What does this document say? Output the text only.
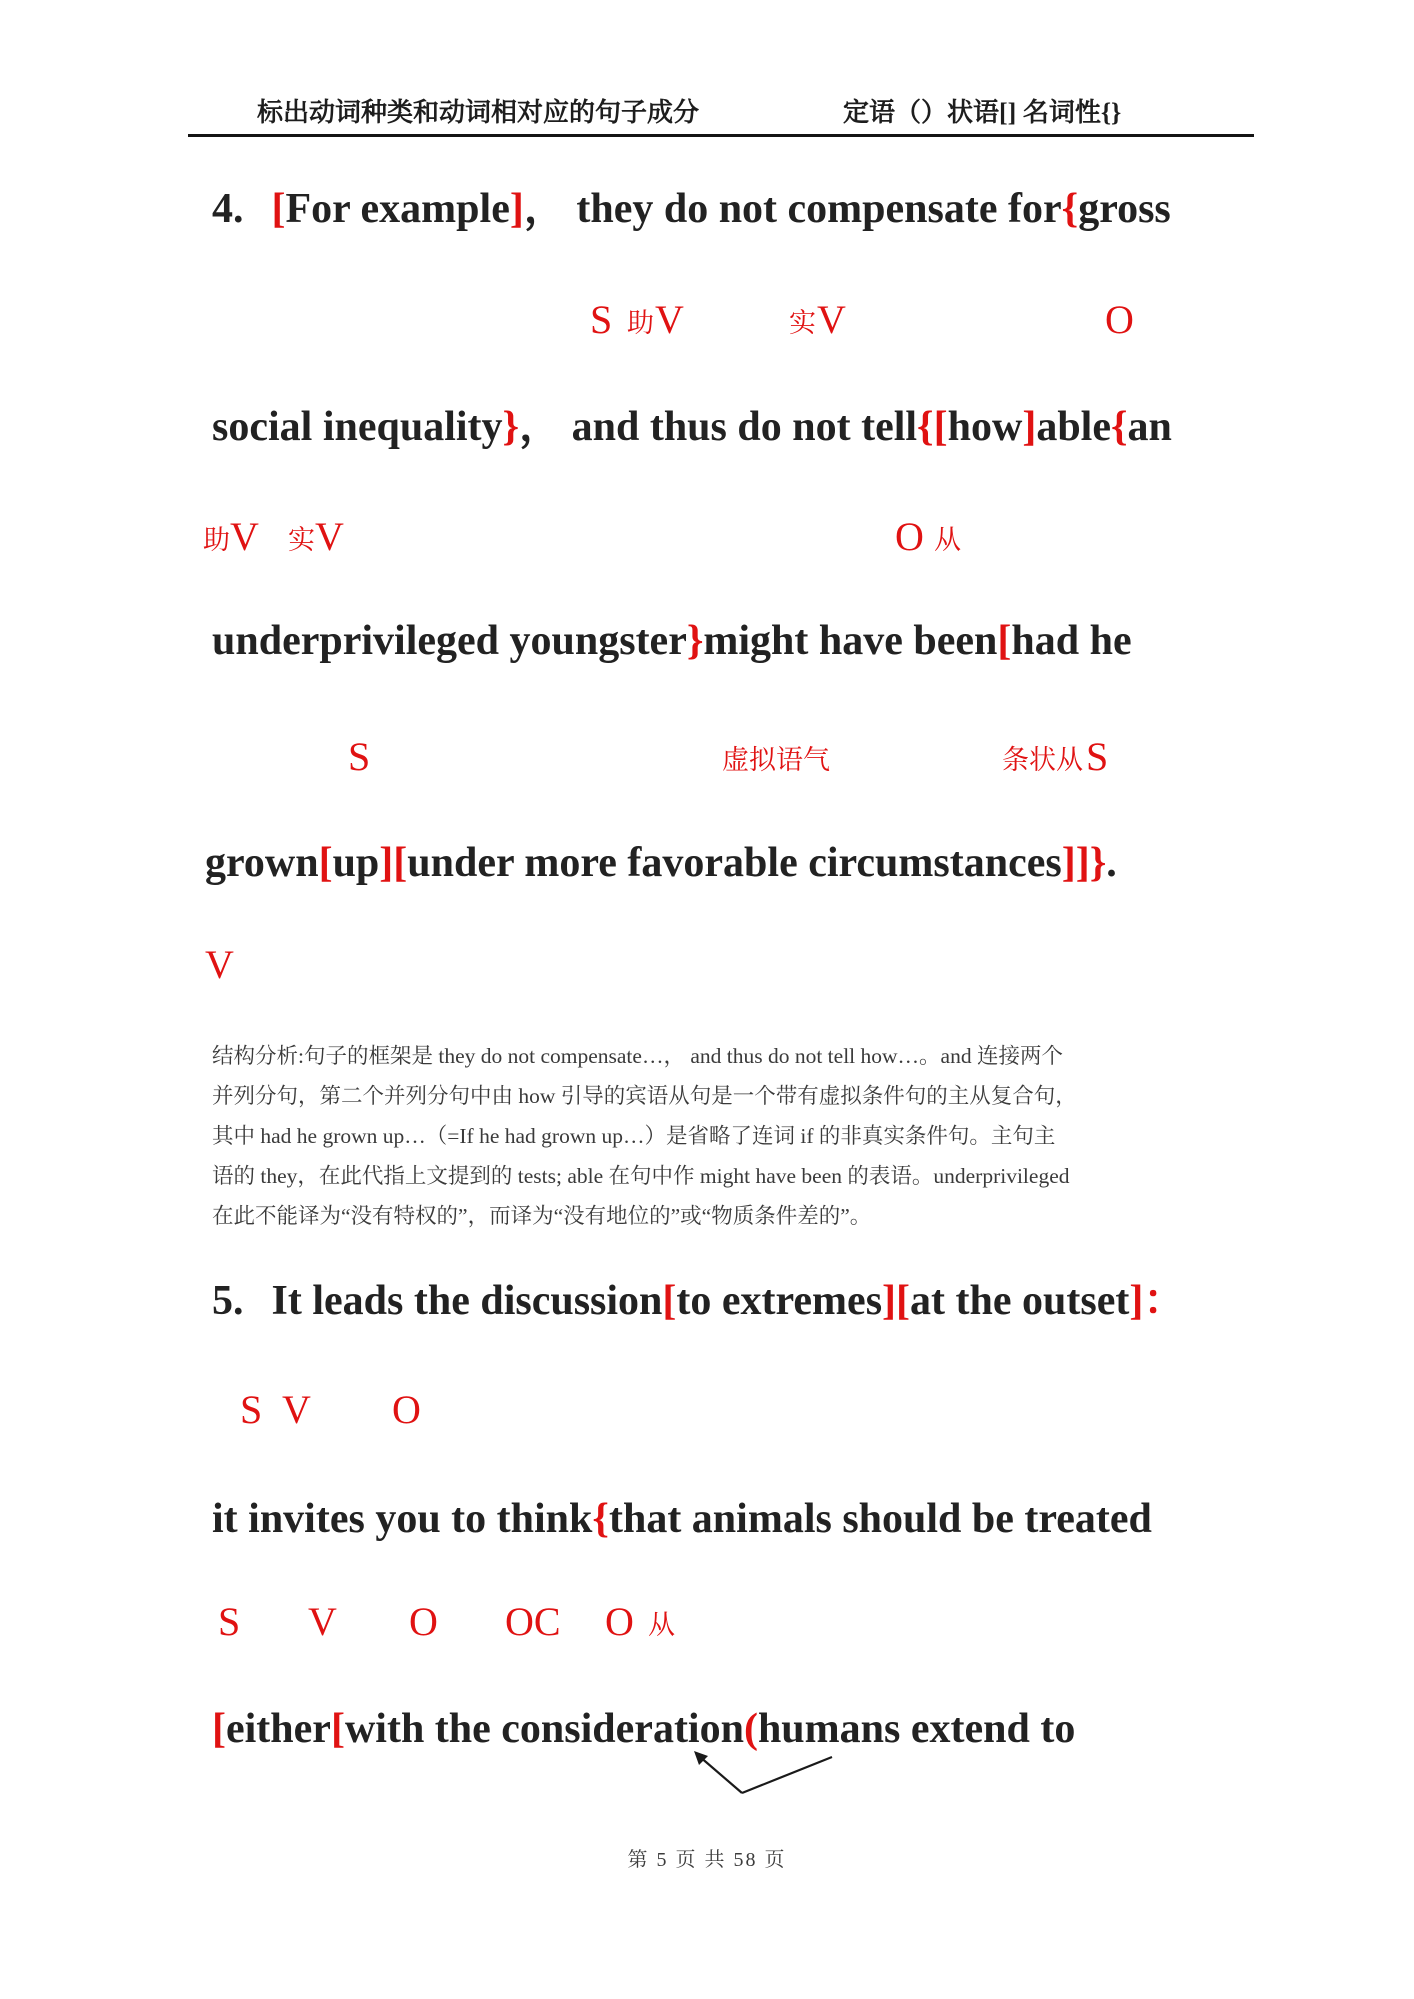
标出动词种类和动词相对应的句子成分	定语（）状语[] 名词性{}
4. [For example]， they do not compensate for{gross
S 助 V	实 V	O
social inequality}， and thus do not tell{[how]able{an
助 V 实 V	O 从
underprivileged youngster}might have been[had he
S	虚拟语气	条状从 S
grown[up][under more favorable circumstances]]}.
V
结构分析:句子的框架是 they do not compensate…， and thus do not tell how…。and 连接两个
并列分句，第二个并列分句中由 how 引导的宾语从句是一个带有虚拟条件句的主从复合句，
其中 had he grown up…（=If he had grown up…）是省略了连词 if 的非真实条件句。主句主
语的 they，在此代指上文提到的 tests; able 在句中作 might have been 的表语。underprivileged
在此不能译为“没有特权的”，而译为“没有地位的”或“物质条件差的”。
5. It leads the discussion[to extremes][at the outset]：
S V O
it invites you to think{that animals should be treated
S V O OC O 从
[either[with the consideration(humans extend to
第 5 页 共 58 页
